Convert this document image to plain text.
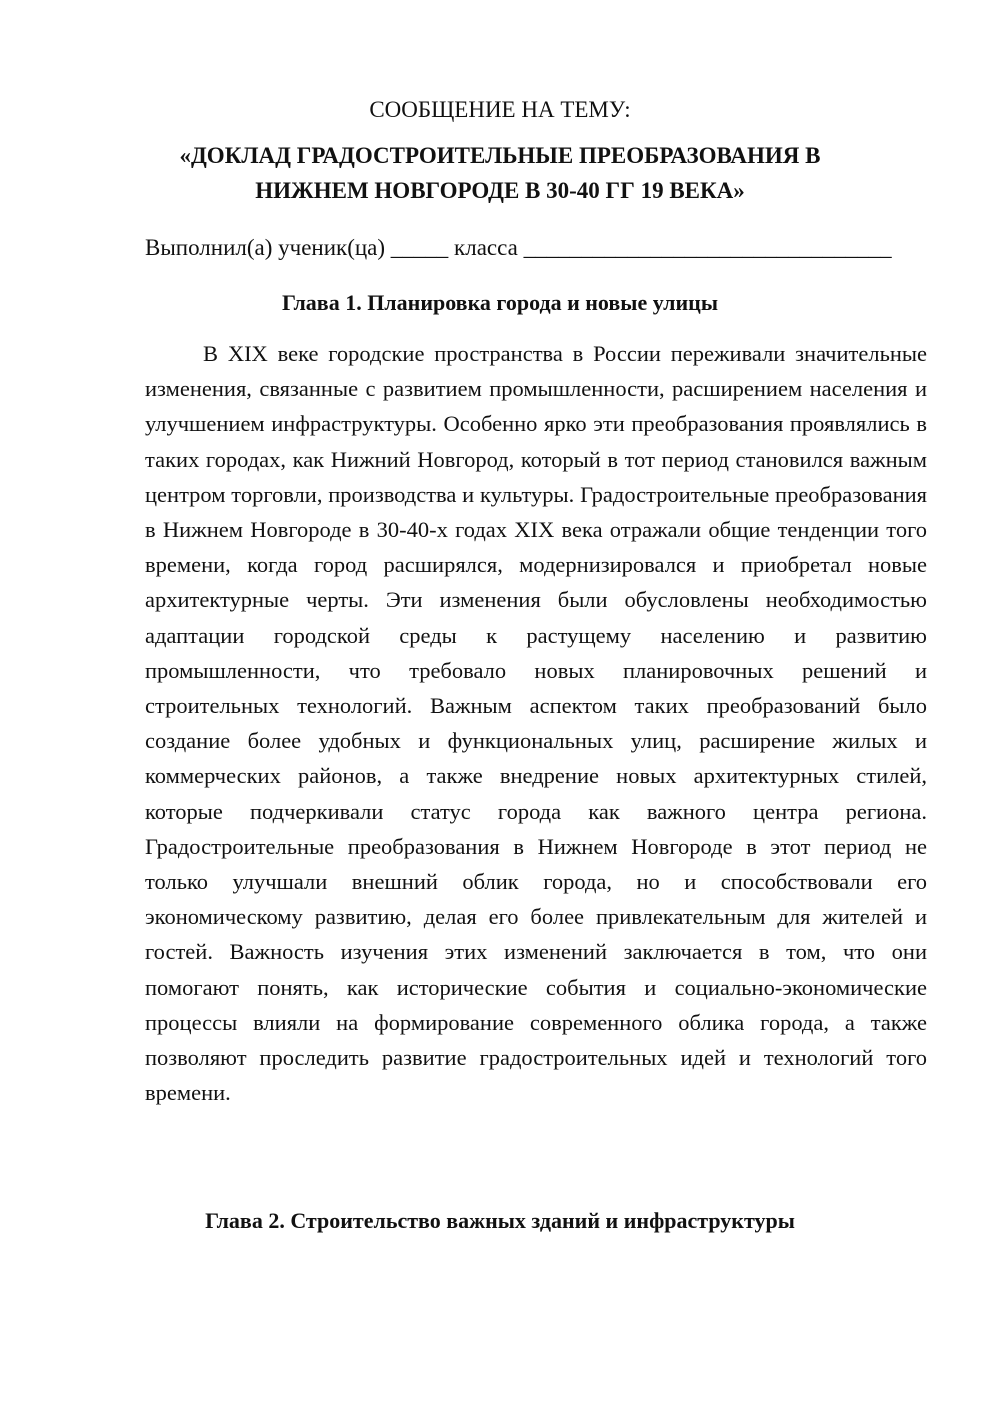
СООБЩЕНИЕ НА ТЕМУ:
«ДОКЛАД ГРАДОСТРОИТЕЛЬНЫЕ ПРЕОБРАЗОВАНИЯ В
НИЖНЕМ НОВГОРОДЕ В 30-40 ГГ 19 ВЕКА»
Выполнил(а) ученик(ца) _____ класса ________________________________
Глава 1. Планировка города и новые улицы

В XIX веке городские пространства в России переживали значительные изменения, связанные с развитием промышленности, расширением населения и улучшением инфраструктуры. Особенно ярко эти преобразования проявлялись в таких городах, как Нижний Новгород, который в тот период становился важным центром торговли, производства и культуры. Градостроительные преобразования в Нижнем Новгороде в 30-40-х годах XIX века отражали общие тенденции того времени, когда город расширялся, модернизировался и приобретал новые архитектурные черты. Эти изменения были обусловлены необходимостью адаптации городской среды к растущему населению и развитию промышленности, что требовало новых планировочных решений и строительных технологий. Важным аспектом таких преобразований было создание более удобных и функциональных улиц, расширение жилых и коммерческих районов, а также внедрение новых архитектурных стилей, которые подчеркивали статус города как важного центра региона. Градостроительные преобразования в Нижнем Новгороде в этот период не только улучшали внешний облик города, но и способствовали его экономическому развитию, делая его более привлекательным для жителей и гостей. Важность изучения этих изменений заключается в том, что они помогают понять, как исторические события и социально-экономические процессы влияли на формирование современного облика города, а также позволяют проследить развитие градостроительных идей и технологий того времени.

Глава 2. Строительство важных зданий и инфраструктуры
